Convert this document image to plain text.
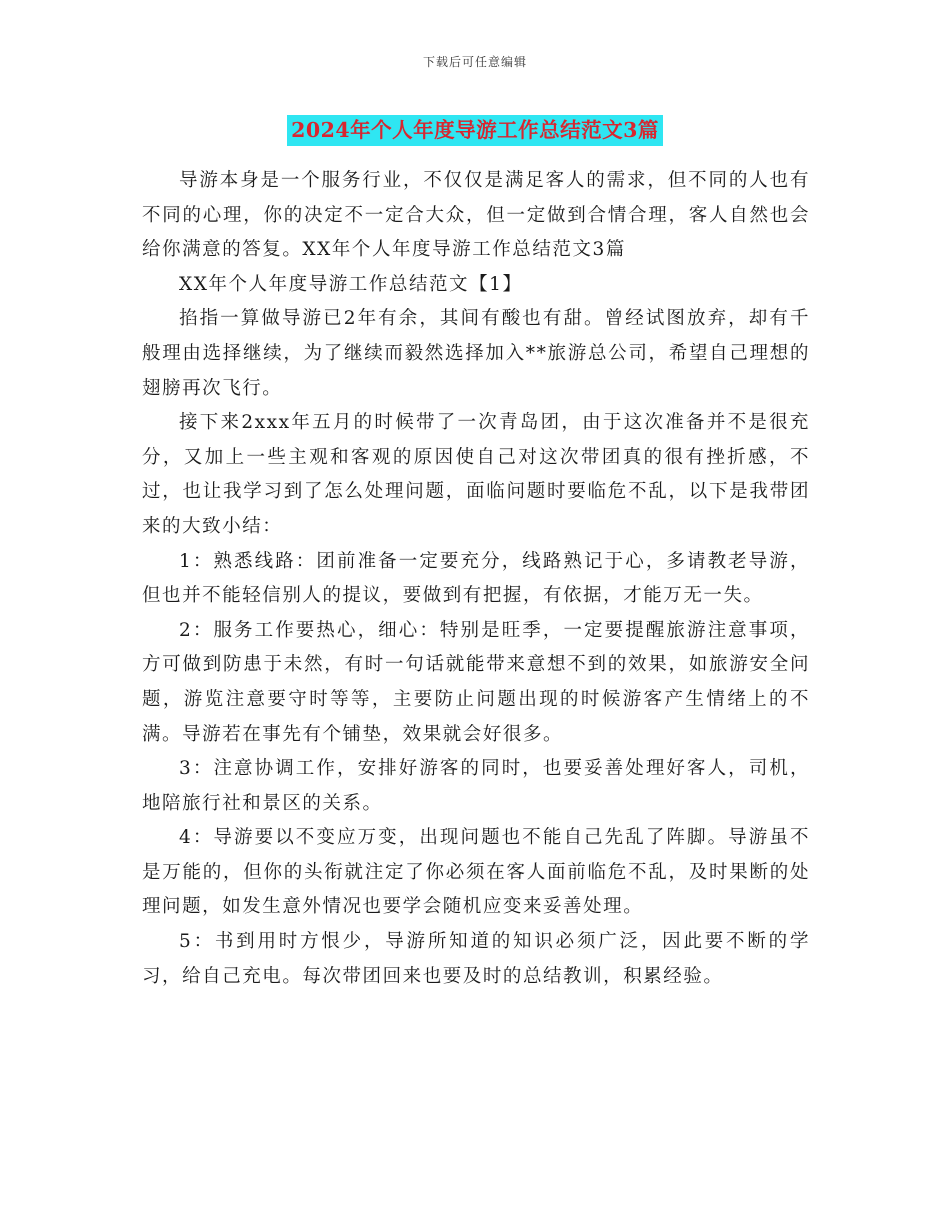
下载后可任意编辑
2024年个人年度导游工作总结范文3篇

导游本身是一个服务行业，不仅仅是满足客人的需求，但不同的人也有不同的心理，你的决定不一定合大众，但一定做到合情合理，客人自然也会给你满意的答复。XX年个人年度导游工作总结范文3篇

XX年个人年度导游工作总结范文【1】

掐指一算做导游已2年有余，其间有酸也有甜。曾经试图放弃，却有千般理由选择继续，为了继续而毅然选择加入**旅游总公司，希望自己理想的翅膀再次飞行。

接下来2xxx年五月的时候带了一次青岛团，由于这次准备并不是很充分，又加上一些主观和客观的原因使自己对这次带团真的很有挫折感，不过，也让我学习到了怎么处理问题，面临问题时要临危不乱，以下是我带团来的大致小结：

1：熟悉线路：团前准备一定要充分，线路熟记于心，多请教老导游，但也并不能轻信别人的提议，要做到有把握，有依据，才能万无一失。

2：服务工作要热心，细心：特别是旺季，一定要提醒旅游注意事项，方可做到防患于未然，有时一句话就能带来意想不到的效果，如旅游安全问题，游览注意要守时等等，主要防止问题出现的时候游客产生情绪上的不满。导游若在事先有个铺垫，效果就会好很多。

3：注意协调工作，安排好游客的同时，也要妥善处理好客人，司机，地陪旅行社和景区的关系。

4：导游要以不变应万变，出现问题也不能自己先乱了阵脚。导游虽不是万能的，但你的头衔就注定了你必须在客人面前临危不乱，及时果断的处理问题，如发生意外情况也要学会随机应变来妥善处理。

5：书到用时方恨少，导游所知道的知识必须广泛，因此要不断的学习，给自己充电。每次带团回来也要及时的总结教训，积累经验。
